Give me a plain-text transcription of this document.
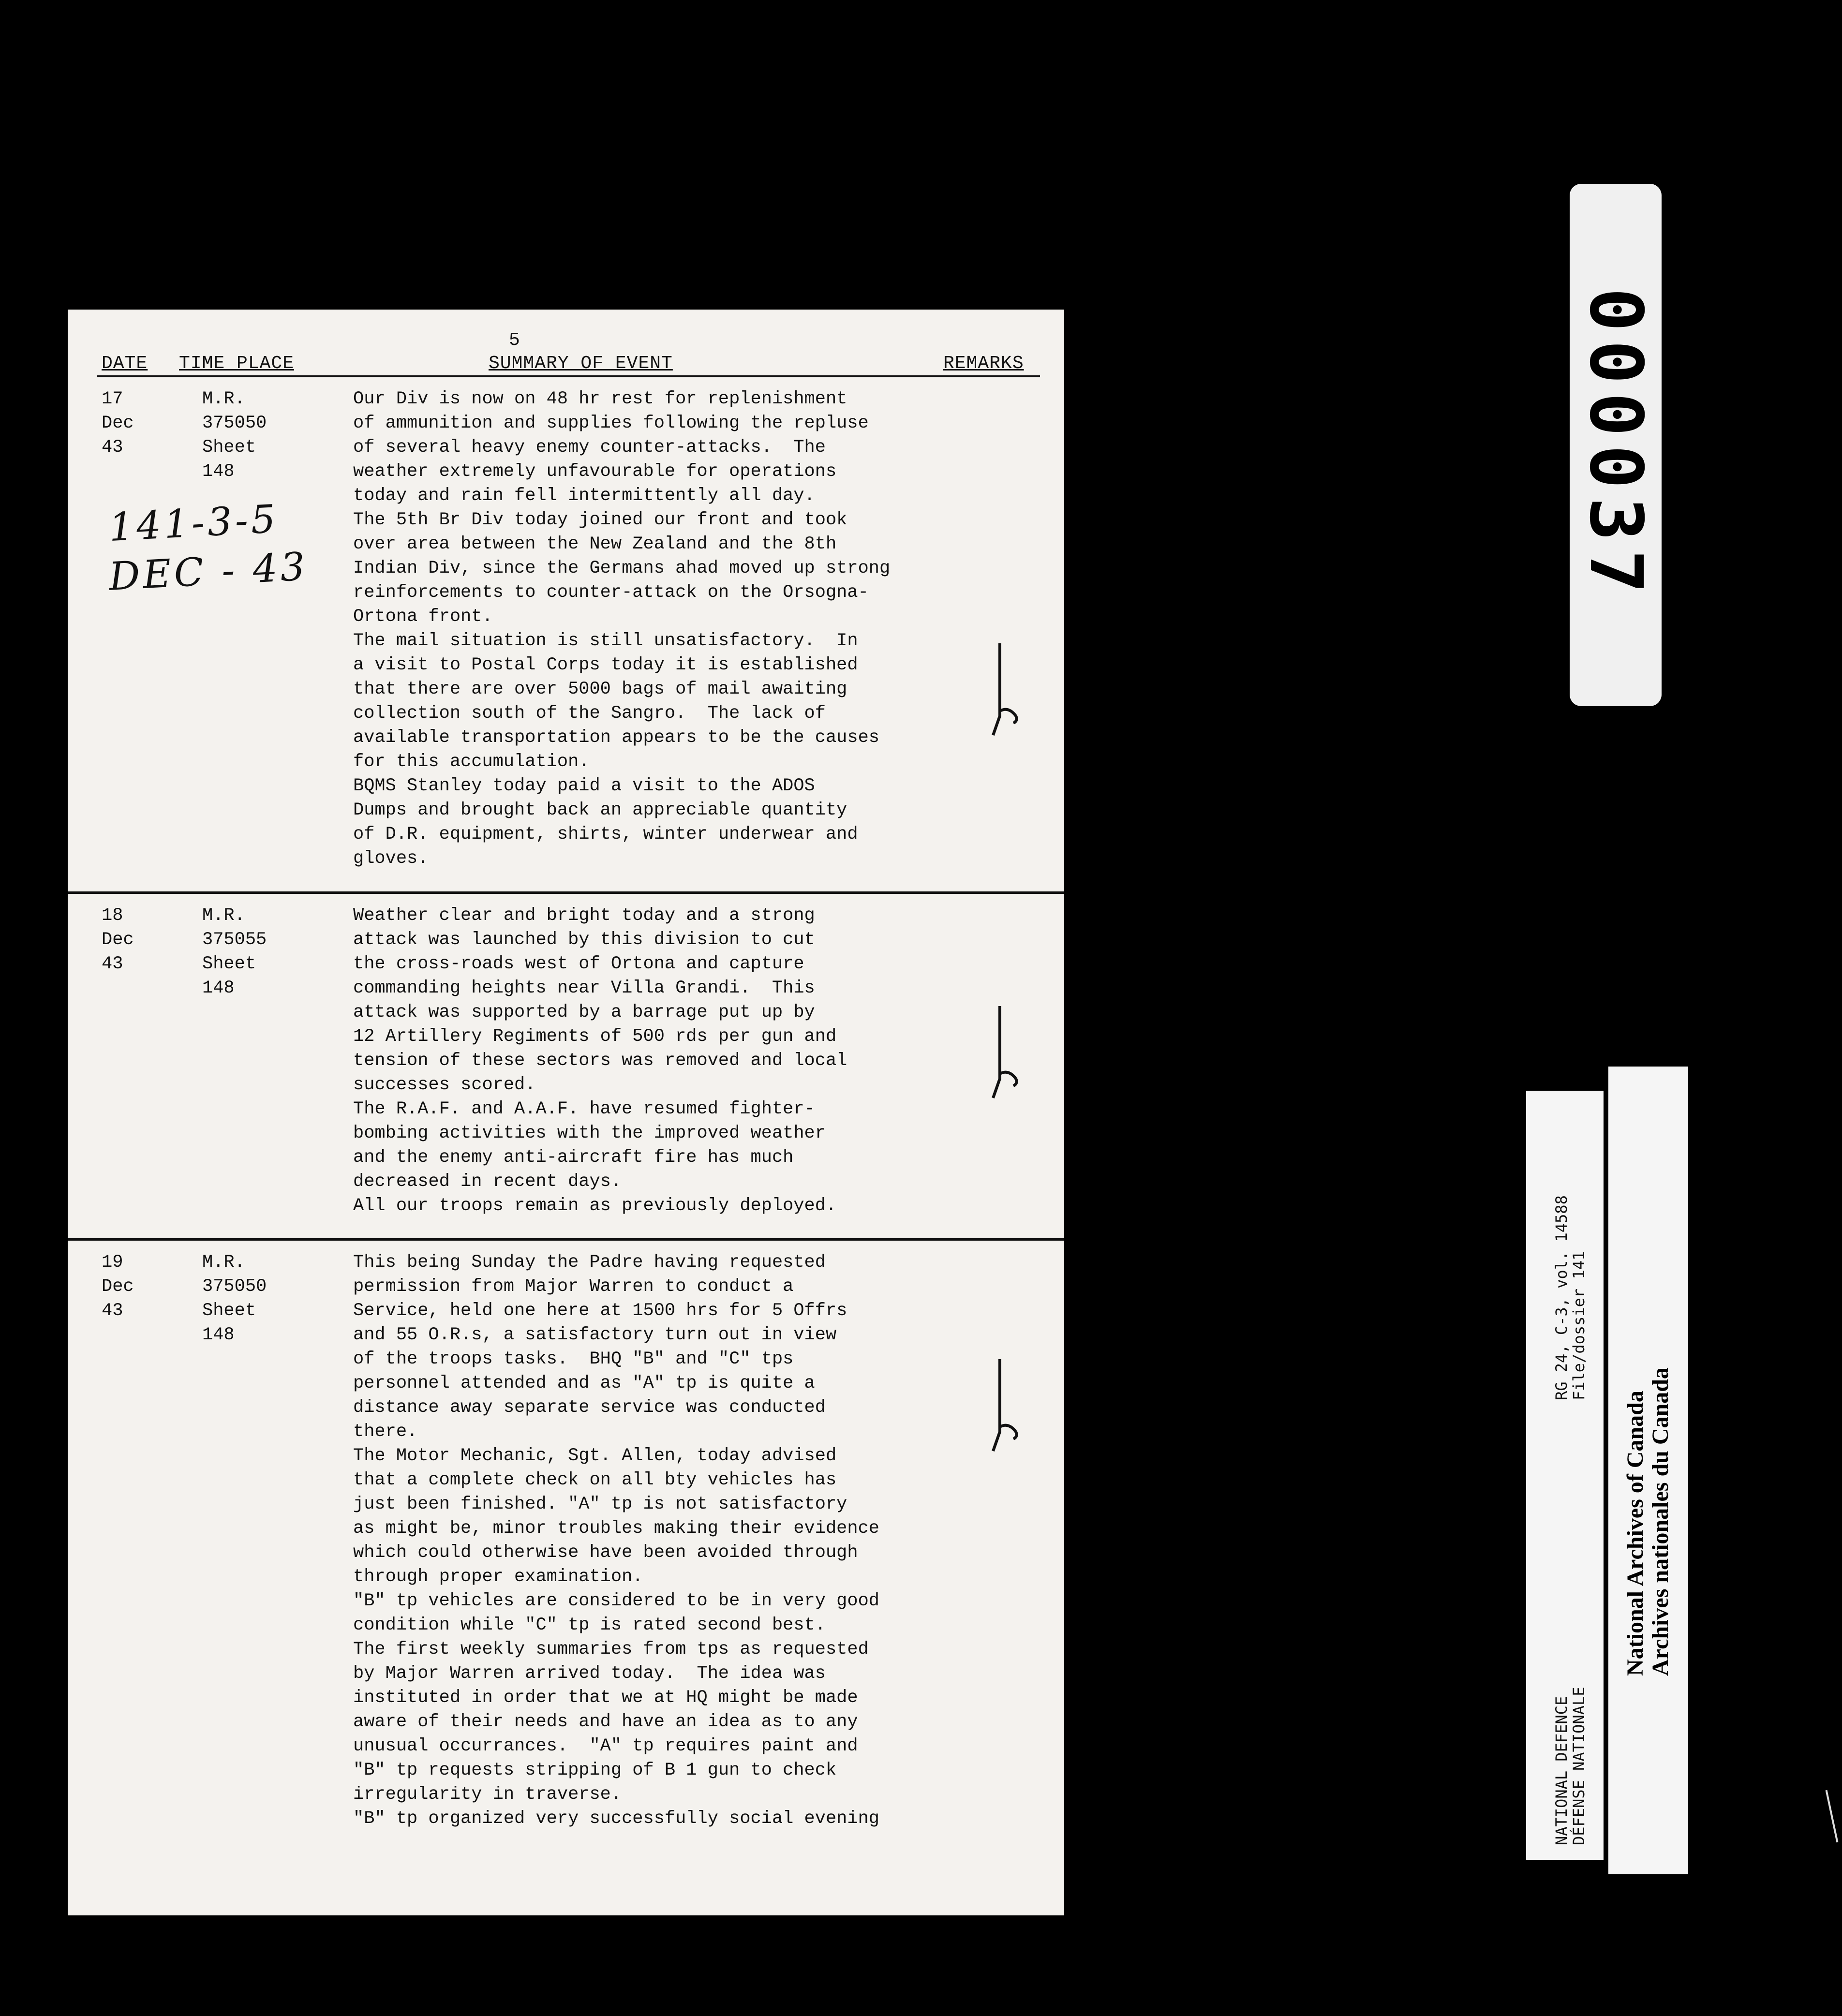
DATE TIME PLACE
5
SUMMARY OF EVENT	REMARKS
17
Dec
43
M.R.
375050
Sheet
148
141-3-5
DEC - 43
Our Div is now on 48 hr rest for replenishment
of ammunition and supplies following the repluse
of several heavy enemy counter-attacks.  The
weather extremely unfavourable for operations
today and rain fell intermittently all day.
The 5th Br Div today joined our front and took
over area between the New Zealand and the 8th
Indian Div, since the Germans ahad moved up strong
reinforcements to counter-attack on the Orsogna-
Ortona front.
The mail situation is still unsatisfactory.  In
a visit to Postal Corps today it is established
that there are over 5000 bags of mail awaiting
collection south of the Sangro.  The lack of
available transportation appears to be the causes
for this accumulation.
BQMS Stanley today paid a visit to the ADOS
Dumps and brought back an appreciable quantity
of D.R. equipment, shirts, winter underwear and
gloves.
18
Dec
43
M.R.
375055
Sheet
148
Weather clear and bright today and a strong
attack was launched by this division to cut
the cross-roads west of Ortona and capture
commanding heights near Villa Grandi.  This
attack was supported by a barrage put up by
12 Artillery Regiments of 500 rds per gun and
tension of these sectors was removed and local
successes scored.
The R.A.F. and A.A.F. have resumed fighter-
bombing activities with the improved weather
and the enemy anti-aircraft fire has much
decreased in recent days.
All our troops remain as previously deployed.
19
Dec
43
M.R.
375050
Sheet
148
This being Sunday the Padre having requested
permission from Major Warren to conduct a
Service, held one here at 1500 hrs for 5 Offrs
and 55 O.R.s, a satisfactory turn out in view
of the troops tasks.  BHQ "B" and "C" tps
personnel attended and as "A" tp is quite a
distance away separate service was conducted
there.
The Motor Mechanic, Sgt. Allen, today advised
that a complete check on all bty vehicles has
just been finished. "A" tp is not satisfactory
as might be, minor troubles making their evidence
which could otherwise have been avoided through
through proper examination.
"B" tp vehicles are considered to be in very good
condition while "C" tp is rated second best.
The first weekly summaries from tps as requested
by Major Warren arrived today.  The idea was
instituted in order that we at HQ might be made
aware of their needs and have an idea as to any
unusual occurrances.  "A" tp requires paint and
"B" tp requests stripping of B 1 gun to check
irregularity in traverse.
"B" tp organized very successfully social evening
000037
NATIONAL DEFENCE
DÉFENSE NATIONALE
RG 24, C-3, vol. 14588
File/dossier 141
National Archives of Canada Archives nationales du Canada
